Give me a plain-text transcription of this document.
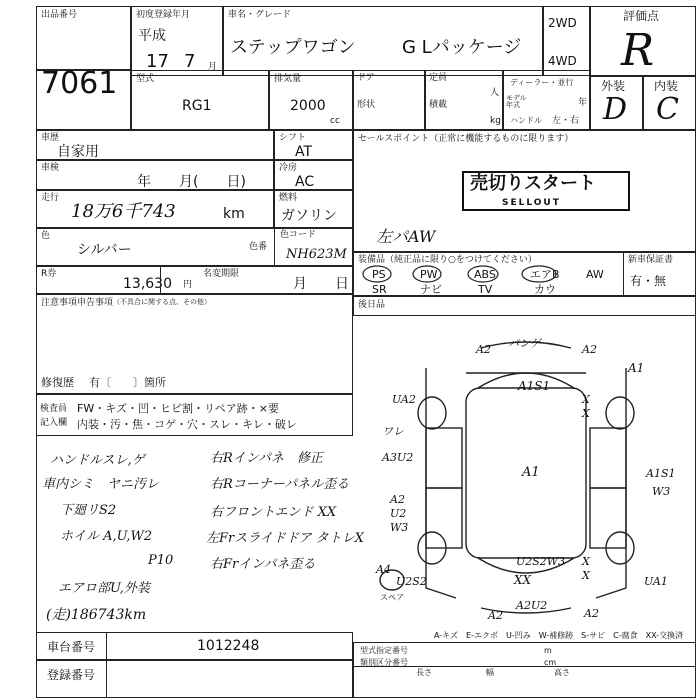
出品番号
7061
初度登録年月
平成
17 7 月
車名・グレード
ステップワゴン	G Lパッケージ
2WD
4WD
評価点
R
型式
RG1
排気量
2000
cc
ドア
形状
定員
人
積載
kg
ディーラー・並行
モデル年式	年
ハンドル 左・右
外装
D
内装
C
車歴
自家用
シフト
AT
車検
年　　月(　　日)
冷房
AC
走行
18万6千743	km
燃料
ガソリン
色
シルバー	色番
色コード
NH623M
R券
13,630 円
名変期限
月　　日
注意事項申告事項 （不具合に関する点、その他）
修復歴 有〔　　〕箇所
セールスポイント（正常に機能するものに限ります）
売切りスタート
SELLOUT
左パAW
装備品（純正品に限り○をつけてください）
PS	PW	ABS	エアB AW
SR	ナビ	TV	カウ
新車保証書
有・無
後日品
検査員
記入欄
FW・キズ・凹・ヒビ割・リペア跡・×要
内装・汚・焦・コゲ・穴・スレ・キレ・破レ
ハンドルスレ,ゲ
車内シミ　ヤニ汚レ
下廻リS2
ホイル A,U,W2
P10
エアロ部U,外装
(走)186743km
右Rインパネ　修正
右Rコーナーパネル歪る
右フロントエンド XX
左Frスライドドア タトレX
右Frインパネ歪る
A2
A1
A2
UA2
A1S1
X
X
ワレ
A3U2
A1	A1S1
W3
A2
U2
W3
A4
U2S2
U2S2W3
XX
X
X	UA1
A2
A2U2
A2
パンゲ
スペア
A-キズ　E-エクボ　U-凹み　W-補修跡　S-サビ　C-腐食　XX-交換済
車台番号	1012248
登録番号
型式指定番号
類別区分番号
長さ	幅	高さ
m
cm
